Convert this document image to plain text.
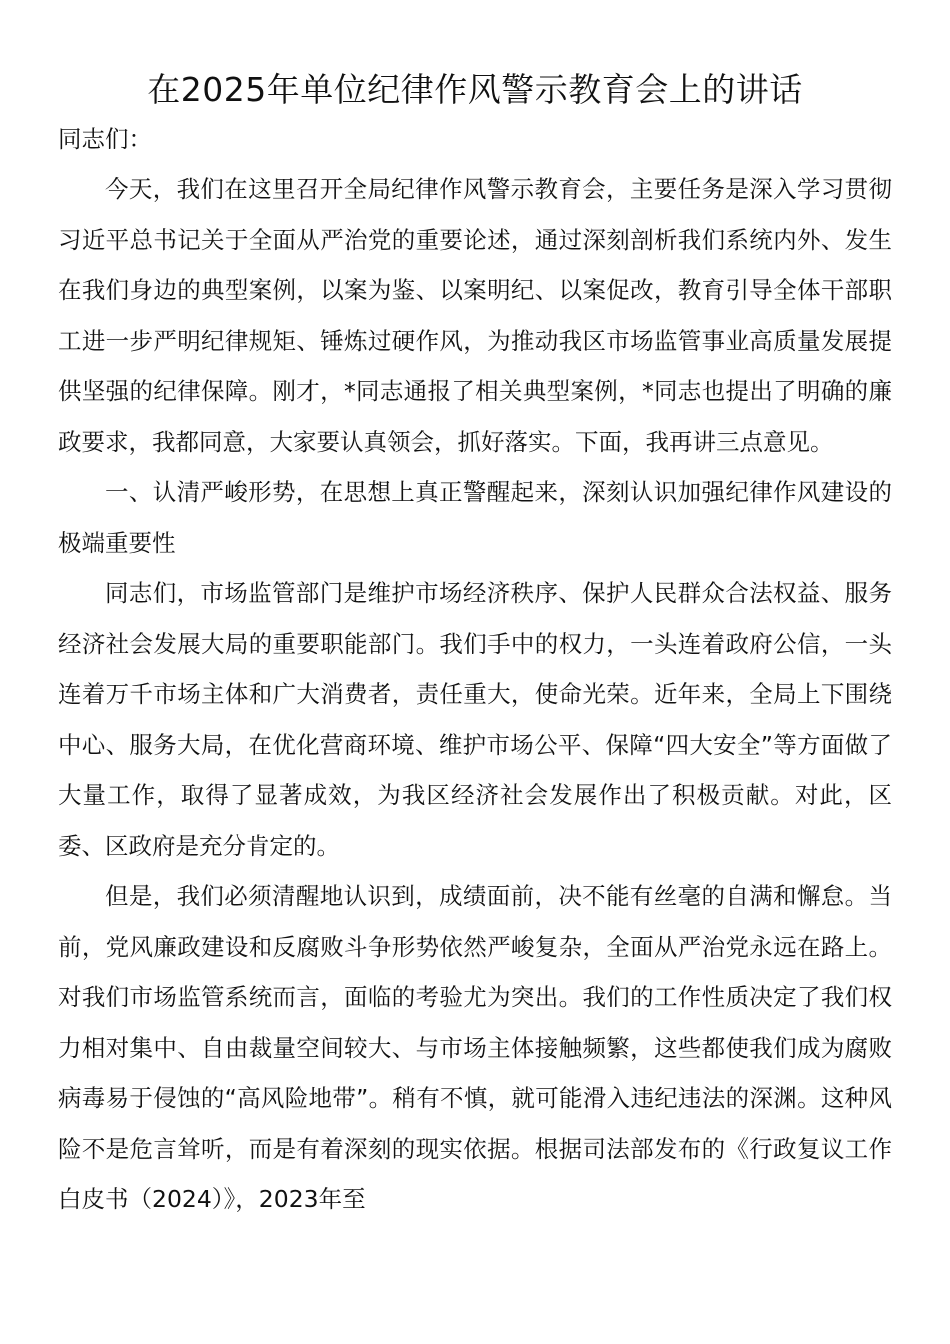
在2025年单位纪律作风警示教育会上的讲话

同志们：

今天，我们在这里召开全局纪律作风警示教育会，主要任务是深入学习贯彻习近平总书记关于全面从严治党的重要论述，通过深刻剖析我们系统内外、发生在我们身边的典型案例，以案为鉴、以案明纪、以案促改，教育引导全体干部职工进一步严明纪律规矩、锤炼过硬作风，为推动我区市场监管事业高质量发展提供坚强的纪律保障。刚才，*同志通报了相关典型案例，*同志也提出了明确的廉政要求，我都同意，大家要认真领会，抓好落实。下面，我再讲三点意见。

一、认清严峻形势，在思想上真正警醒起来，深刻认识加强纪律作风建设的极端重要性

同志们，市场监管部门是维护市场经济秩序、保护人民群众合法权益、服务经济社会发展大局的重要职能部门。我们手中的权力，一头连着政府公信，一头连着万千市场主体和广大消费者，责任重大，使命光荣。近年来，全局上下围绕中心、服务大局，在优化营商环境、维护市场公平、保障“四大安全”等方面做了大量工作，取得了显著成效，为我区经济社会发展作出了积极贡献。对此，区委、区政府是充分肯定的。

但是，我们必须清醒地认识到，成绩面前，决不能有丝毫的自满和懈怠。当前，党风廉政建设和反腐败斗争形势依然严峻复杂，全面从严治党永远在路上。对我们市场监管系统而言，面临的考验尤为突出。我们的工作性质决定了我们权力相对集中、自由裁量空间较大、与市场主体接触频繁，这些都使我们成为腐败病毒易于侵蚀的“高风险地带”。稍有不慎，就可能滑入违纪违法的深渊。这种风险不是危言耸听，而是有着深刻的现实依据。根据司法部发布的《行政复议工作白皮书（2024）》，2023年至
